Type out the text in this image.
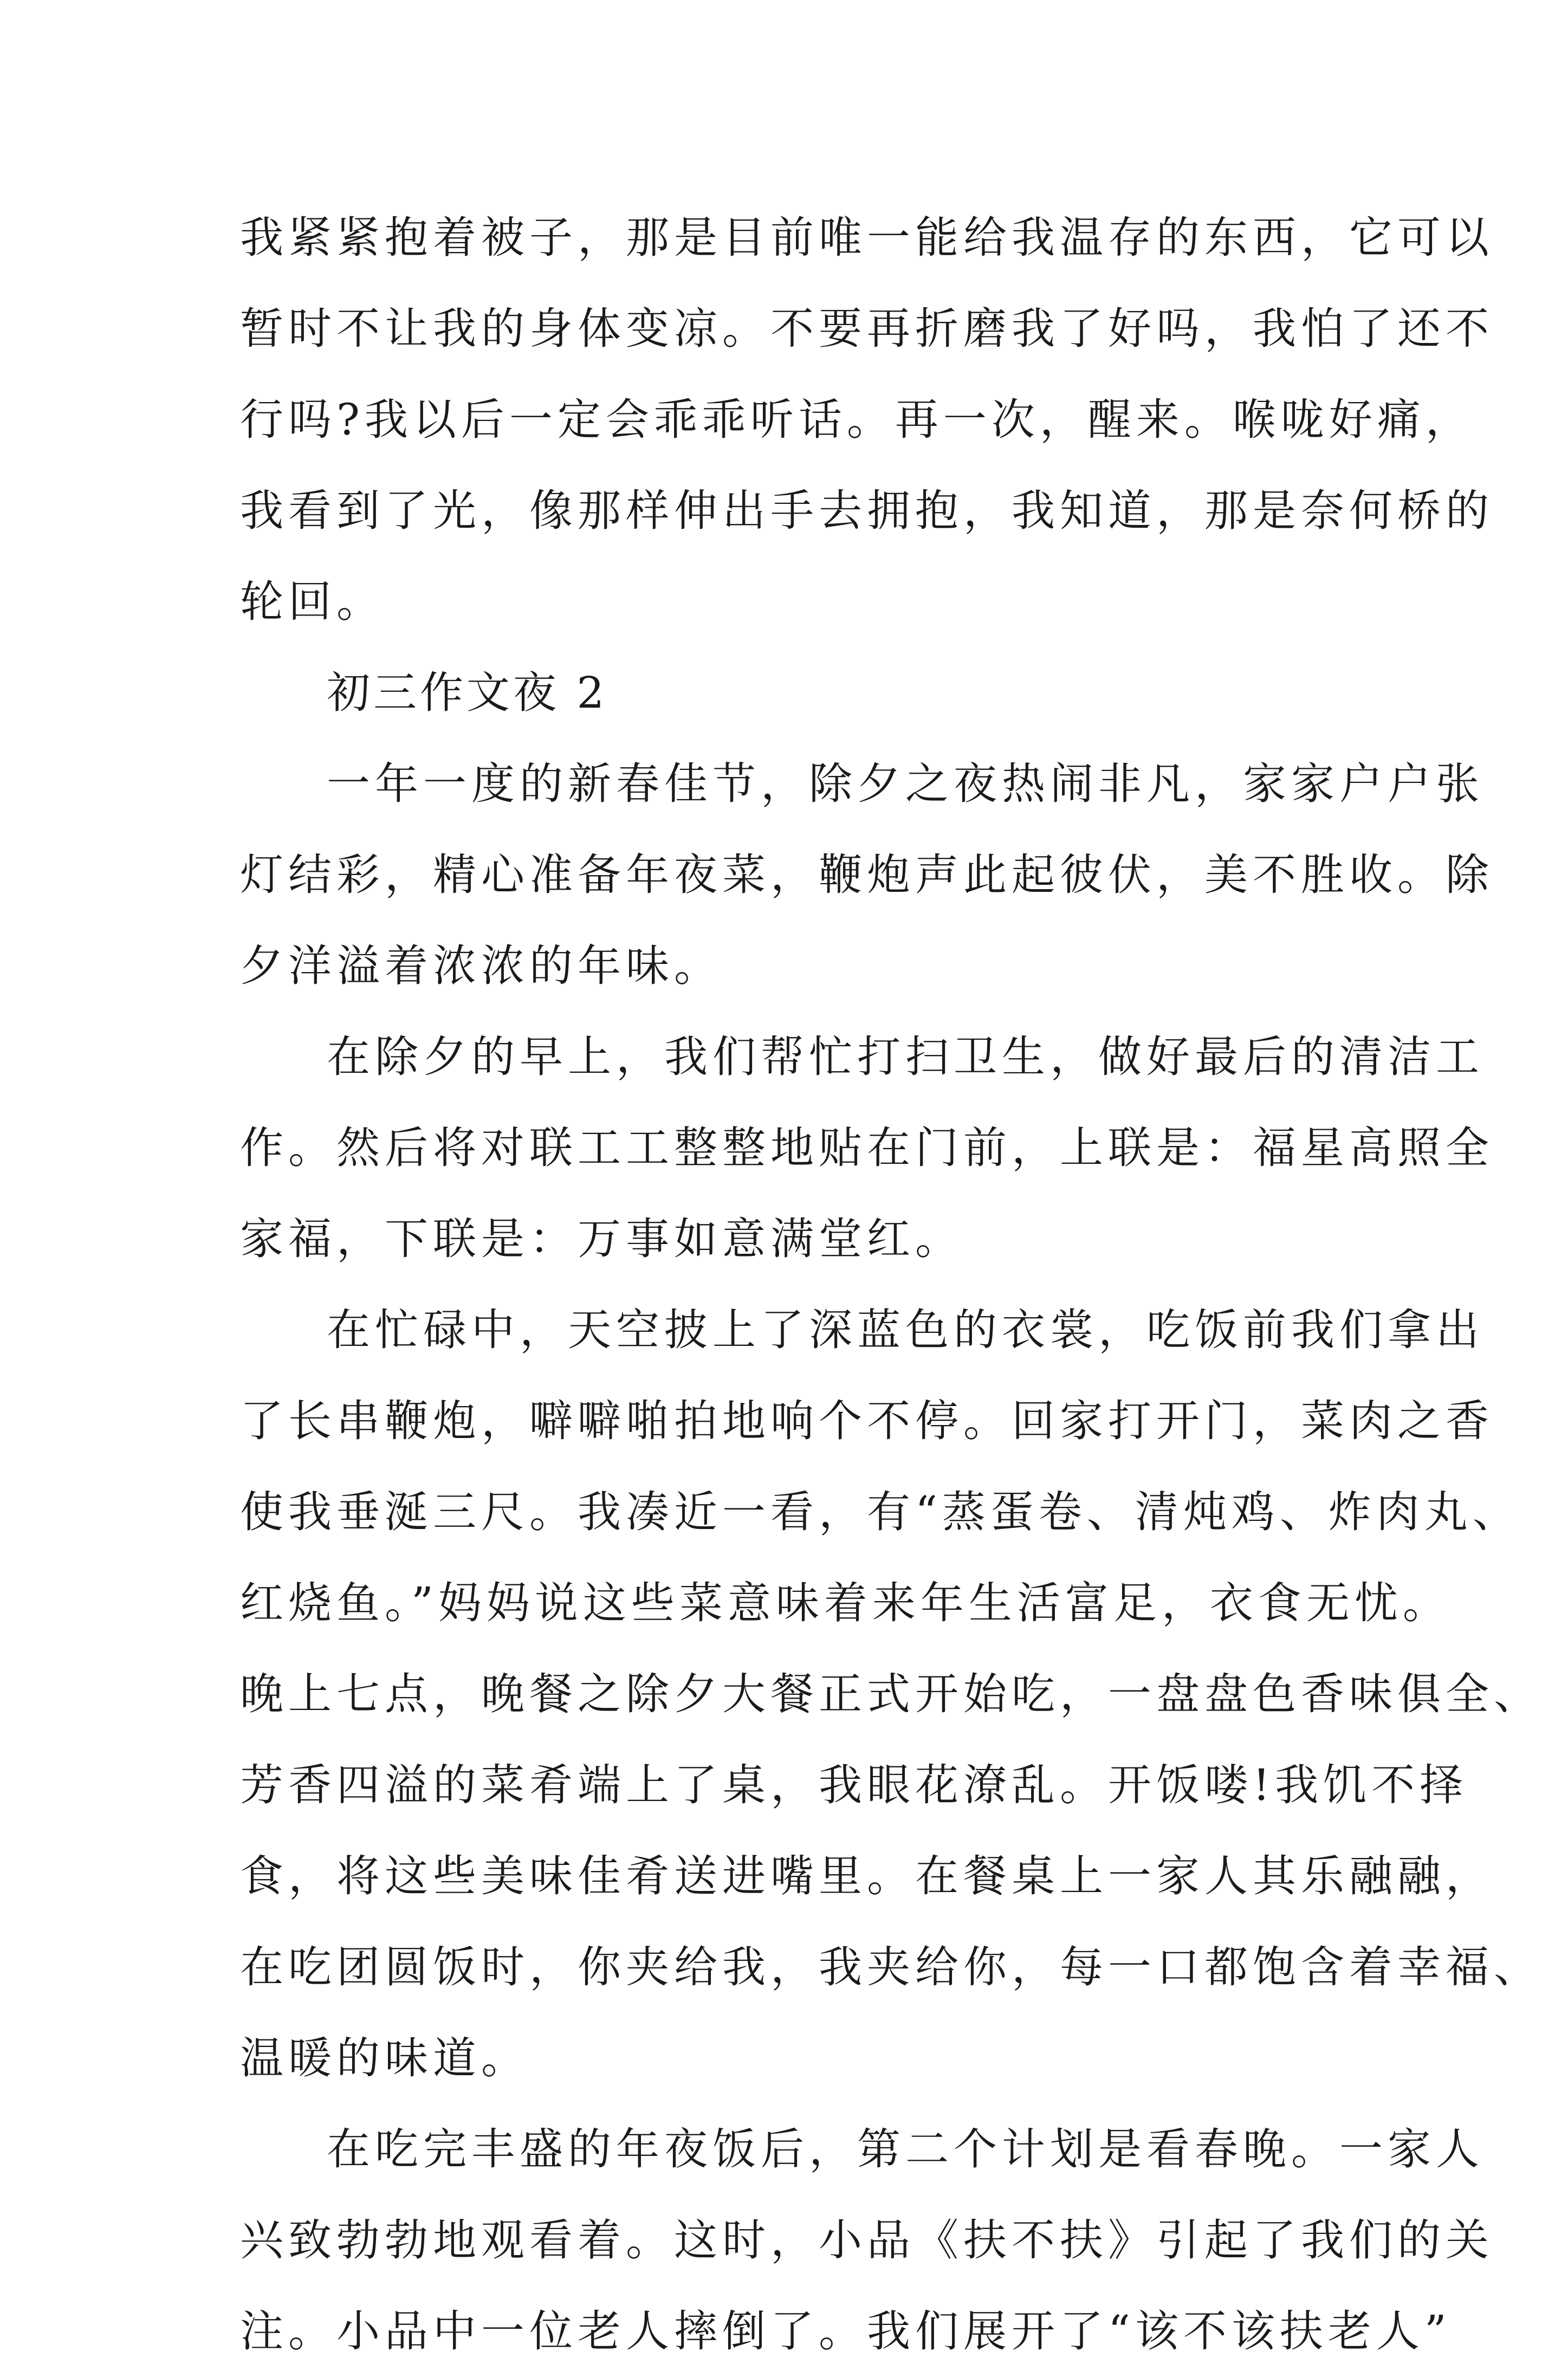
我紧紧抱着被子，那是目前唯一能给我温存的东西，它可以
暂时不让我的身体变凉。不要再折磨我了好吗，我怕了还不
行吗?我以后一定会乖乖听话。再一次，醒来。喉咙好痛，
我看到了光，像那样伸出手去拥抱，我知道，那是奈何桥的
轮回。
初三作文夜 2
一年一度的新春佳节，除夕之夜热闹非凡，家家户户张
灯结彩，精心准备年夜菜，鞭炮声此起彼伏，美不胜收。除
夕洋溢着浓浓的年味。
在除夕的早上，我们帮忙打扫卫生，做好最后的清洁工
作。然后将对联工工整整地贴在门前，上联是：福星高照全
家福，下联是：万事如意满堂红。
在忙碌中，天空披上了深蓝色的衣裳，吃饭前我们拿出
了长串鞭炮，噼噼啪拍地响个不停。回家打开门，菜肉之香
使我垂涎三尺。我凑近一看，有“蒸蛋卷、清炖鸡、炸肉丸、
红烧鱼。”妈妈说这些菜意味着来年生活富足，衣食无忧。
晚上七点，晚餐之除夕大餐正式开始吃，一盘盘色香味俱全、
芳香四溢的菜肴端上了桌，我眼花潦乱。开饭喽!我饥不择
食，将这些美味佳肴送进嘴里。在餐桌上一家人其乐融融，
在吃团圆饭时，你夹给我，我夹给你，每一口都饱含着幸福、
温暖的味道。
在吃完丰盛的年夜饭后，第二个计划是看春晚。一家人
兴致勃勃地观看着。这时，小品《扶不扶》引起了我们的关
注。小品中一位老人摔倒了。我们展开了“该不该扶老人”
